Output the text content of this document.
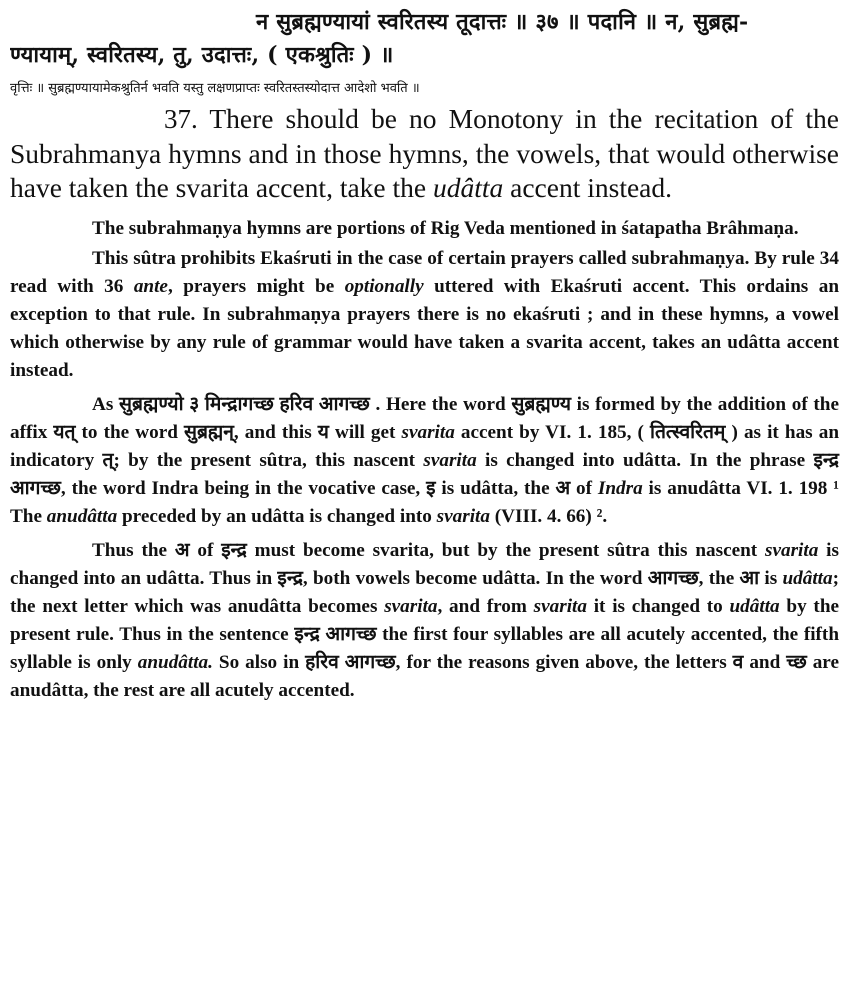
न सुब्रह्मण्यायां स्वरितस्य तूदात्तः ॥ ३७ ॥ पदानि ॥ न, सुब्रह्म-
ण्यायाम्, स्वरितस्य, तु, उदात्तः, ( एकश्रुतिः ) ॥
वृत्तिः ॥ सुब्रह्मण्यायामेकश्रुतिर्न भवति यस्तु लक्षणप्राप्तः स्वरितस्तस्योदात्त आदेशो भवति ॥

37. There should be no Monotony in the recitation of the Subrahmanya hymns and in those hymns, the vowels, that would otherwise have taken the svarita accent, take the udâtta accent instead.

The subrahmaṇya hymns are portions of Rig Veda mentioned in śatapatha Brâhmaṇa.

This sûtra prohibits Ekaśruti in the case of certain prayers called subrahmaṇya. By rule 34 read with 36 ante, prayers might be optionally uttered with Ekaśruti accent. This ordains an exception to that rule. In subrahmaṇya prayers there is no ekaśruti ; and in these hymns, a vowel which otherwise by any rule of grammar would have taken a svarita accent, takes an udâtta accent instead.

As सुब्रह्मण्यो ३ मिन्द्रागच्छ हरिव आगच्छ . Here the word सुब्रह्मण्य is formed by the addition of the affix यत् to the word सुब्रह्मन्, and this य will get svarita accent by VI. 1. 185, ( तित्स्वरितम् ) as it has an indicatory त्; by the present sûtra, this nascent svarita is changed into udâtta. In the phrase इन्द्र आगच्छ, the word Indra being in the vocative case, इ is udâtta, the अ of Indra is anudâtta VI. 1. 198 ¹ The anudâtta preceded by an udâtta is changed into svarita (VIII. 4. 66) ².

Thus the अ of इन्द्र must become svarita, but by the present sûtra this nascent svarita is changed into an udâtta. Thus in इन्द्र, both vowels become udâtta. In the word आगच्छ, the आ is udâtta; the next letter which was anudâtta becomes svarita, and from svarita it is changed to udâtta by the present rule. Thus in the sentence इन्द्र आगच्छ the first four syllables are all acutely accented, the fifth syllable is only anudâtta. So also in हरिव आगच्छ, for the reasons given above, the letters व and च्छ are anudâtta, the rest are all acutely accented.
